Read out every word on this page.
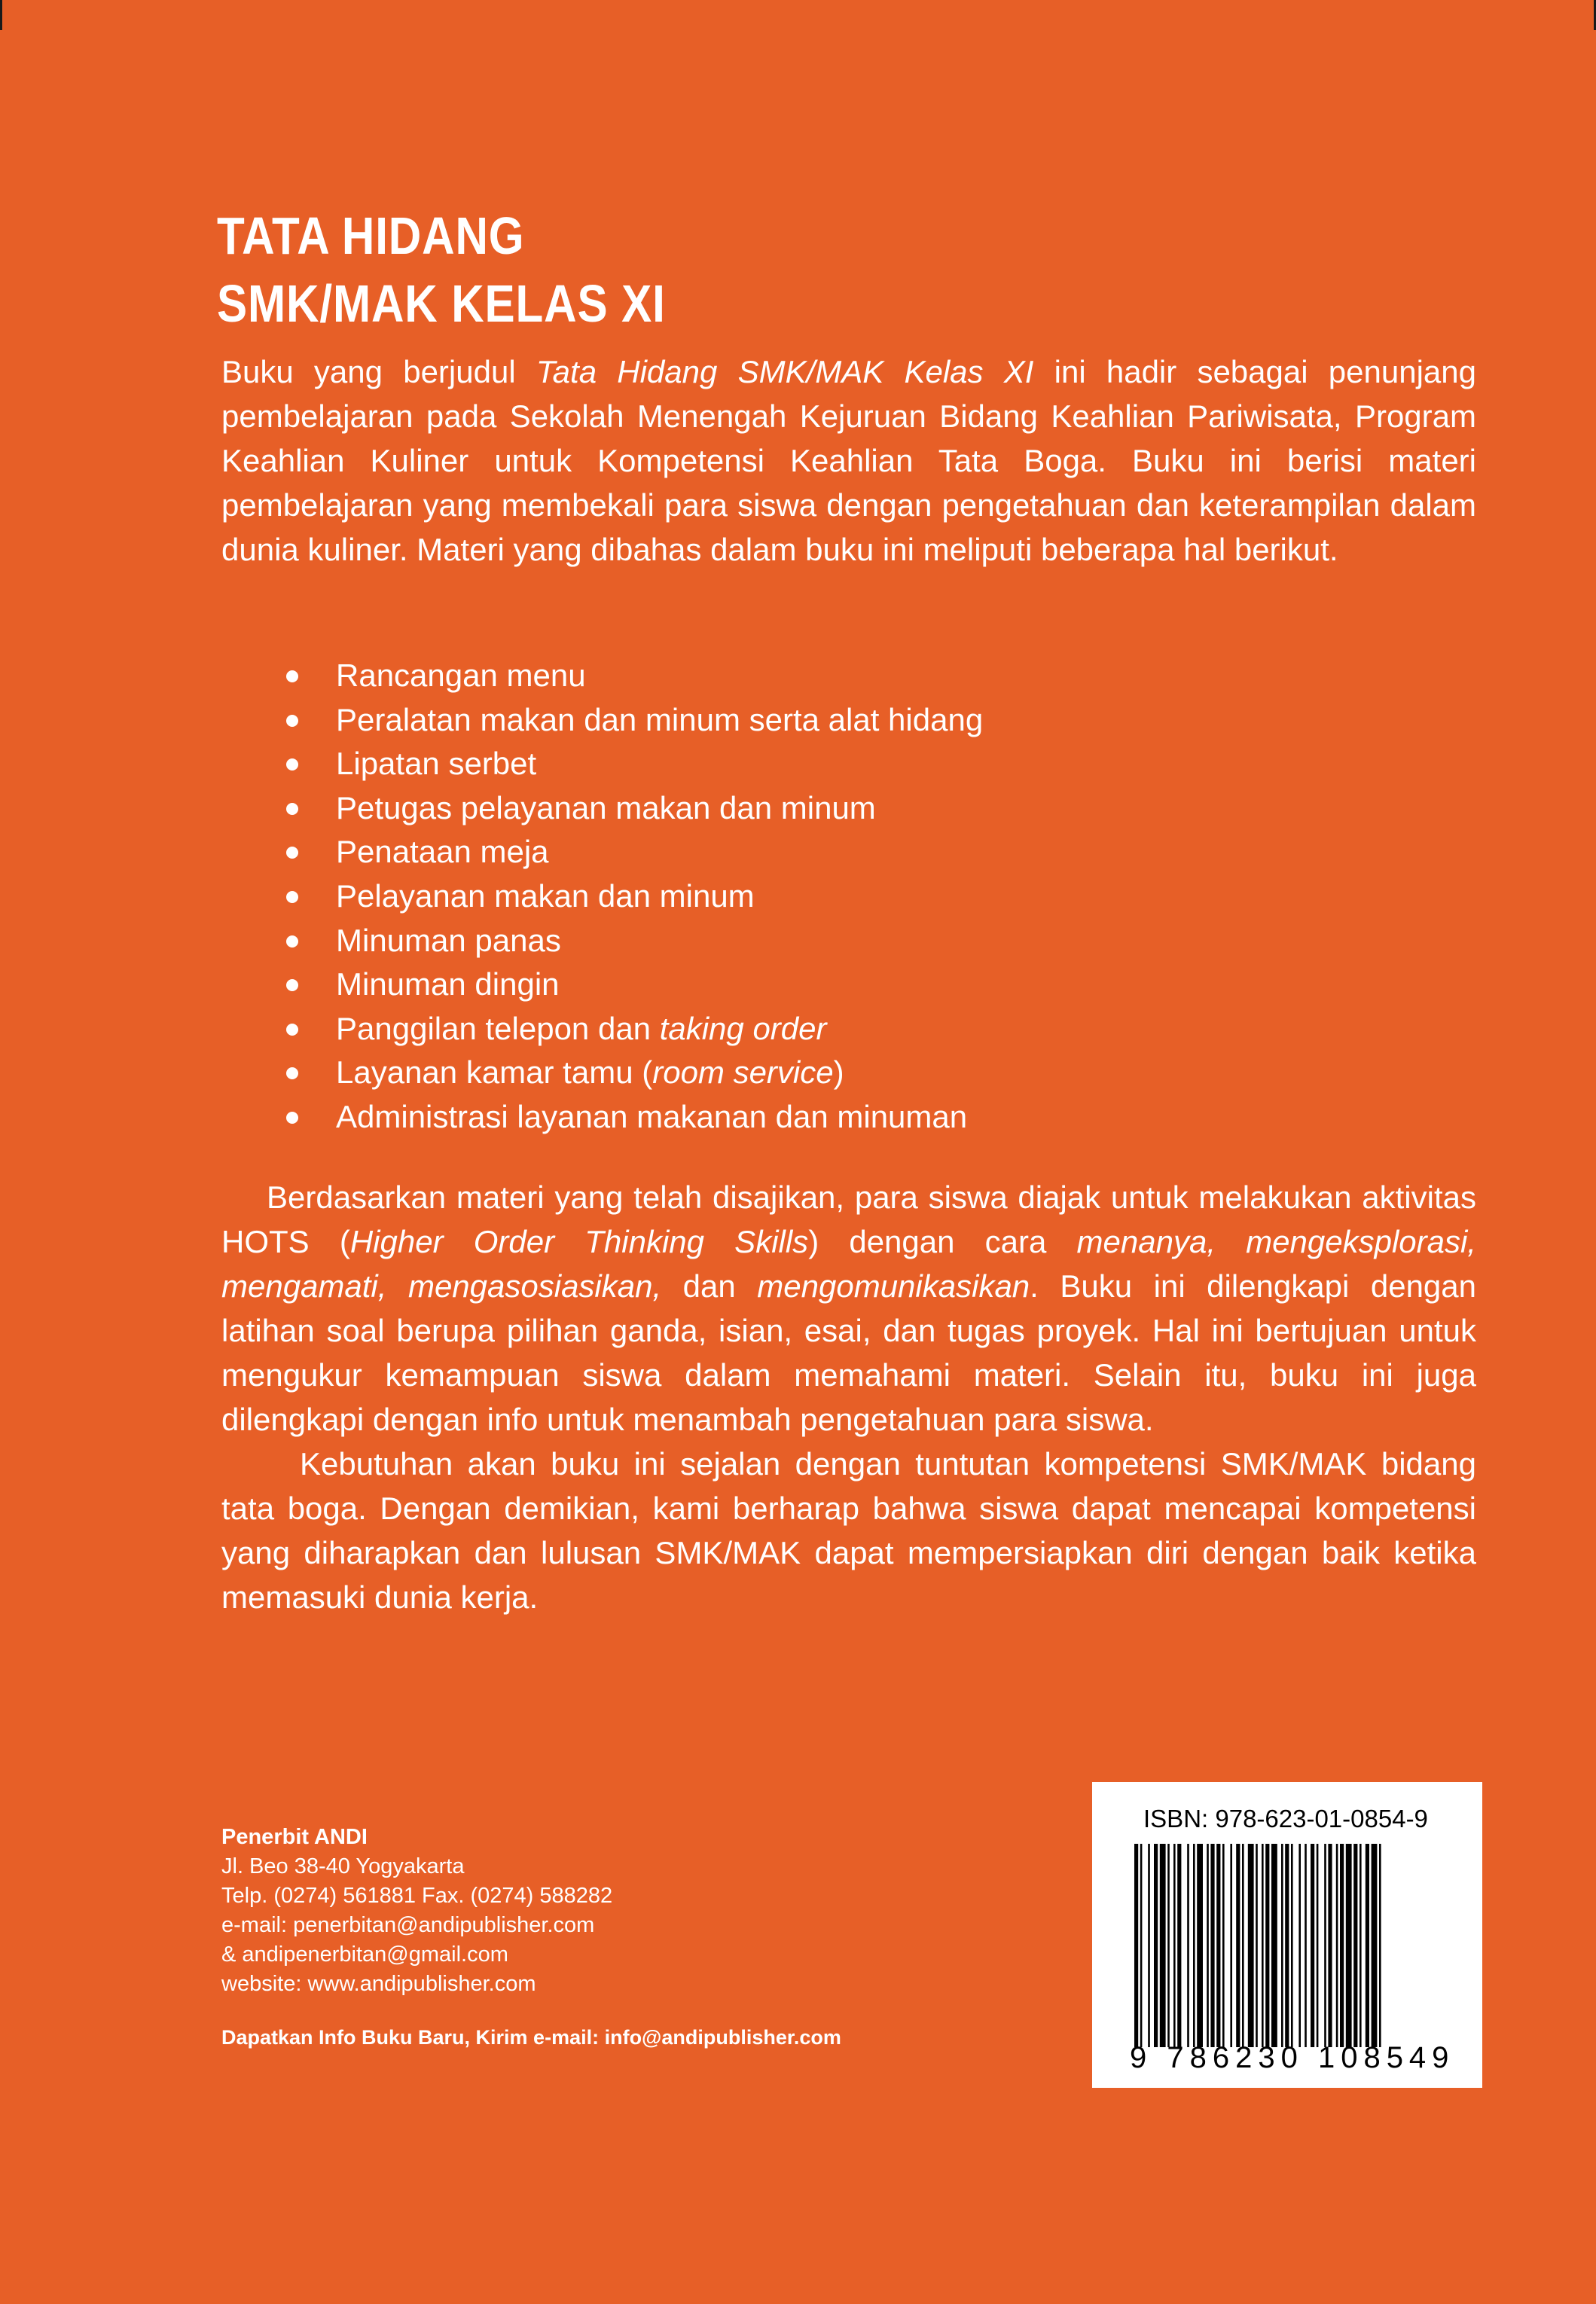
TATA HIDANG
SMK/MAK KELAS XI

Buku yang berjudul Tata Hidang SMK/MAK Kelas XI ini hadir sebagai penunjang pembelajaran pada Sekolah Menengah Kejuruan Bidang Keahlian Pariwisata, Program Keahlian Kuliner untuk Kompetensi Keahlian Tata Boga. Buku ini berisi materi pembelajaran yang membekali para siswa dengan pengetahuan dan keterampilan dalam dunia kuliner. Materi yang dibahas dalam buku ini meliputi beberapa hal berikut.

Rancangan menu
Peralatan makan dan minum serta alat hidang
Lipatan serbet
Petugas pelayanan makan dan minum
Penataan meja
Pelayanan makan dan minum
Minuman panas
Minuman dingin
Panggilan telepon dan taking order
Layanan kamar tamu (room service)
Administrasi layanan makanan dan minuman

Berdasarkan materi yang telah disajikan, para siswa diajak untuk melakukan aktivitas HOTS (Higher Order Thinking Skills) dengan cara menanya, mengeksplorasi, mengamati, mengasosiasikan, dan mengomunikasikan. Buku ini dilengkapi dengan latihan soal berupa pilihan ganda, isian, esai, dan tugas proyek. Hal ini bertujuan untuk mengukur kemampuan siswa dalam memahami materi. Selain itu, buku ini juga dilengkapi dengan info untuk menambah pengetahuan para siswa.

Kebutuhan akan buku ini sejalan dengan tuntutan kompetensi SMK/MAK bidang tata boga. Dengan demikian, kami berharap bahwa siswa dapat mencapai kompetensi yang diharapkan dan lulusan SMK/MAK dapat mempersiapkan diri dengan baik ketika memasuki dunia kerja.

Penerbit ANDI
Jl. Beo 38-40 Yogyakarta
Telp. (0274) 561881 Fax. (0274) 588282
e-mail: penerbitan@andipublisher.com
& andipenerbitan@gmail.com
website: www.andipublisher.com
Dapatkan Info Buku Baru, Kirim e-mail: info@andipublisher.com
ISBN: 978-623-01-0854-9
9 786230 108549
